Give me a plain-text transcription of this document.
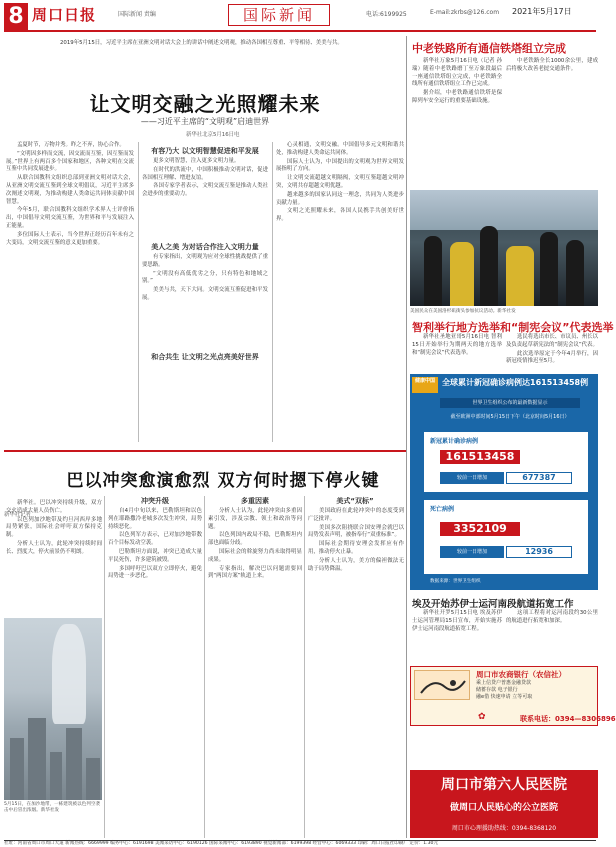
8 周口日报	国际新闻 责编	国际新闻	电话:6199925	E-mail:zkrbs@126.com 2021年5月17日
2019年5月15日，习近平主席在亚洲文明对话大会上的讲话中阐述文明观，推动各国相互尊重、平等相待、美美与共。
让文明交融之光照耀未来
——习近平主席的“文明观”启迪世界
新华社北京5月16日电

孟夏时节，万物并秀。昨之不弃，协心合作。

“文明因多样而交流，因交流而互鉴，因互鉴而发展。”世界上有两百多个国家和地区，各种文明在交流互鉴中共同发展进步。

从联合国教科文组织总部到亚洲文明对话大会，从亚洲文明交流互鉴到全球文明倡议，习近平主席多次阐述文明观，为推动构建人类命运共同体贡献中国智慧。

今年5月，联合国教科文组织学术界人士评价指出，中国倡导文明交流互鉴，为世界和平与发展注入正能量。

多位国际人士表示，当今世界正经历百年未有之大变局，文明交流互鉴的意义更加重要。

有容乃大 以文明智慧促进和平发展

更多文明智慧，注入更多文明力量。

在时代的洪流中，中国积极推动文明对话，促进各国相互理解、增进友谊。

各国专家学者表示，文明交流互鉴是推动人类社会进步的重要动力。

美人之美 为对话合作注入文明力量

有专家指出，文明观为应对全球性挑战提供了重要思路。

“文明没有高低优劣之分，只有特色和地域之别。”

美美与共，天下大同。文明交流互鉴促进和平发展。

和合共生 让文明之光点亮美好世界

心灵相通，文明交融。中国倡导多元文明和谐共处，推动构建人类命运共同体。

国际人士认为，中国提出的文明观为世界文明发展指明了方向。

让文明交流超越文明隔阂，文明互鉴超越文明冲突，文明共存超越文明优越。

越来越多的国家认同这一理念，共同为人类进步贡献力量。

文明之光照耀未来，各国人民携手共创美好世界。

巴以冲突愈演愈烈 双方何时摁下停火键
新华社记者

新华社。巴以冲突持续升级，双方交火造成大量人员伤亡。

以色列加沙地带及约旦河西岸多地局势紧张，国际社会呼吁双方保持克制。

分析人士认为，此轮冲突持续时间长、烈度大，停火前景仍不明朗。

5月15日，在加沙地带，一栋建筑被以色列空袭击中后冒出浓烟。新华社发
冲突升级

自4月中旬以来，巴勒斯坦和以色列在耶路撒冷老城多次发生冲突，局势持续恶化。

以色列军方表示，已对加沙地带数百个目标发动空袭。

巴勒斯坦方面说，冲突已造成大量平民死伤，许多建筑被毁。

多国呼吁巴以双方立即停火，避免局势进一步恶化。

多重因素

分析人士认为，此轮冲突由多重因素引发，涉及宗教、领土和政治等问题。

以色列国内政局不稳，巴勒斯坦内部也面临分歧。

国际社会的斡旋努力尚未取得明显成果。

专家指出，解决巴以问题需要回到“两国方案”轨道上来。

美式“双标”

美国政府在此轮冲突中的态度受到广泛批评。

美国多次阻挠联合国安理会就巴以局势发表声明，被指奉行“双重标准”。

国际社会期待安理会发挥应有作用，推动停火止暴。

分析人士认为，美方的偏袒做法无助于局势降温。

中老铁路所有通信铁塔组立完成

新华社万象5月16日电（记者 孙 瑞）随着中老铁路磨丁至万象段最后一座通信铁塔组立完成，中老铁路全线所有通信铁塔组立工作已完成。

据介绍，中老铁路通信铁塔是保障列车安全运行的重要基础设施。

中老铁路全长1000余公里，建成后将极大改善老挝交通条件。

美国民众在美国洛杉矶街头参加抗议活动。新华社发
智利举行地方选举和“制宪会议”代表选举

新华社圣地亚哥5月16日电 智利15日开始举行为期两天的地方选举和“制宪会议”代表选举。

选民将选出市长、市议员、州长以及负责起草新宪法的“制宪会议”代表。

此次选举原定于今年4月举行，因新冠疫情推迟至5月。

健康中国 全球累计新冠确诊病例达161513458例
世界卫生组织公布的最新数据显示
截至欧洲中部时间5月15日下午（北京时间5月16日）
新冠累计确诊病例
161513458
较前一日增加	677387
死亡病例
3352109
较前一日增加	12936
数据来源：世界卫生组织
埃及开始苏伊士运河南段航道拓宽工作

新华社开罗5月15日电 埃及苏伊士运河管理局15日宣布，开始实施苏伊士运河南段航道拓宽工程。

这项工程将对运河南段约30公里的航道进行拓宽和加深。

周口市农商银行（农信社）
乘上信贷户普惠金融贷款
储蓄存款 电子银行
融e借 快速申请 立等可取
✿	联系电话：0394—8306896
周口市第六人民医院
做周口人民贴心的公立医院
周口市心理援助热线：0394-8368120
社址：河南省周口市周口大道 新闻热线：6669999 编务中心：6191698 美闻采访中心：6190126 国际采闻中心：6193890 视觉新闻部：6199398 经营中心：6069333 印刷：周口日报社印刷厂 定价：1.30元
